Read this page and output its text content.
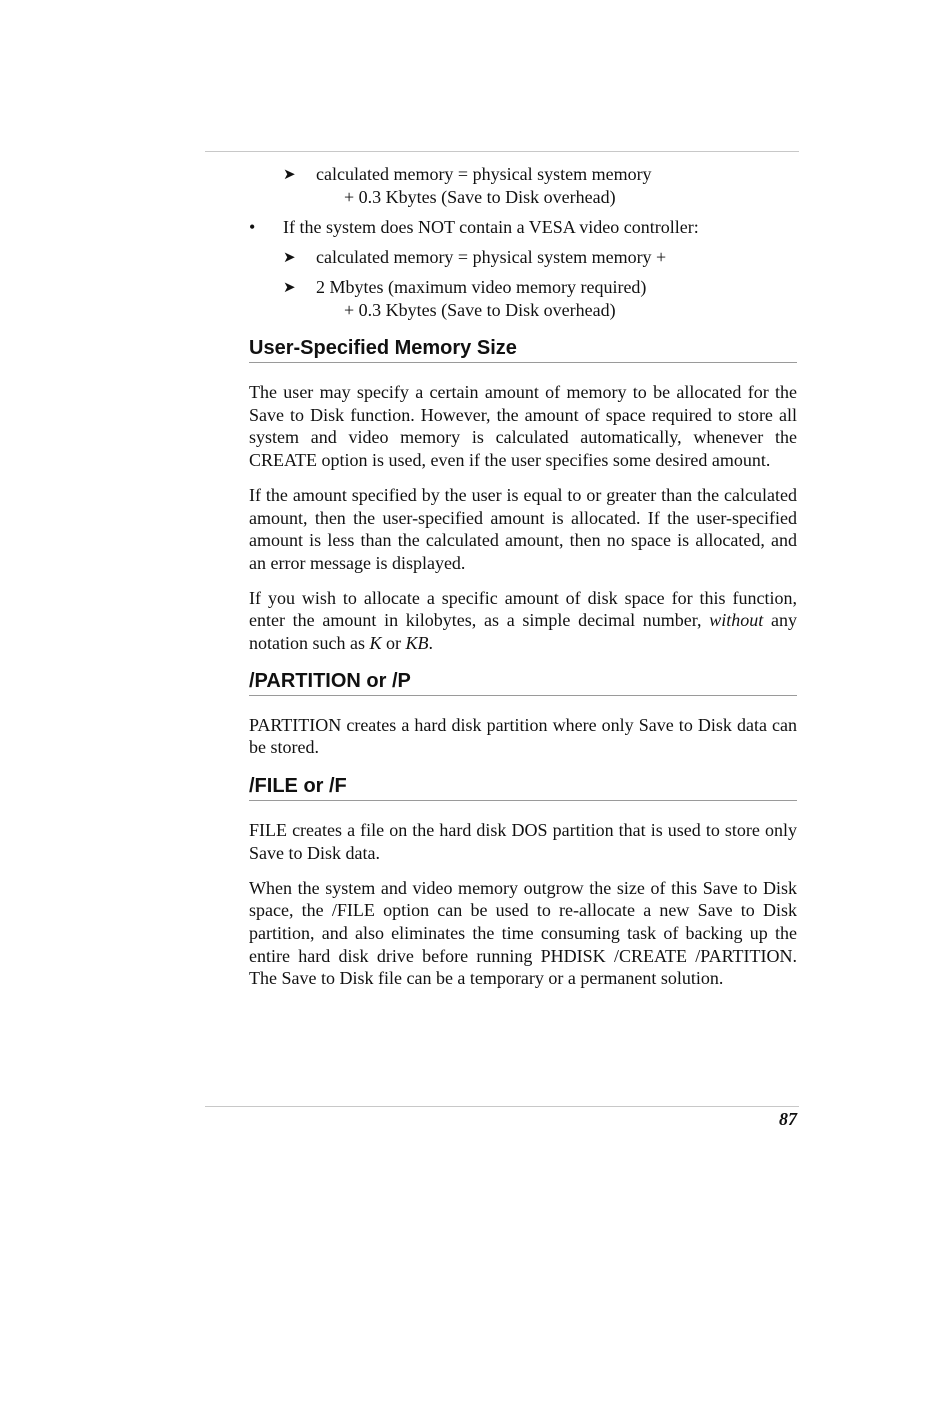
➤ calculated memory = physical system memory
+ 0.3 Kbytes (Save to Disk overhead)
• If the system does NOT contain a VESA video controller:
➤ calculated memory = physical system memory +
➤ 2 Mbytes (maximum video memory required)
+ 0.3 Kbytes (Save to Disk overhead)
User-Specified Memory Size

The user may specify a certain amount of memory to be allocated for the Save to Disk function. However, the amount of space required to store all system and video memory is calculated automatically, whenever the CREATE option is used, even if the user specifies some desired amount.

If the amount specified by the user is equal to or greater than the calculated amount, then the user-specified amount is allocated. If the user-specified amount is less than the calculated amount, then no space is allocated, and an error message is displayed.

If you wish to allocate a specific amount of disk space for this function, enter the amount in kilobytes, as a simple decimal number, without any notation such as K or KB.

/PARTITION or /P

PARTITION creates a hard disk partition where only Save to Disk data can be stored.

/FILE or /F

FILE creates a file on the hard disk DOS partition that is used to store only Save to Disk data.

When the system and video memory outgrow the size of this Save to Disk space, the /FILE option can be used to re-allocate a new Save to Disk partition, and also eliminates the time consuming task of backing up the entire hard disk drive before running PHDISK /CREATE /PARTITION. The Save to Disk file can be a temporary or a permanent solution.

87
